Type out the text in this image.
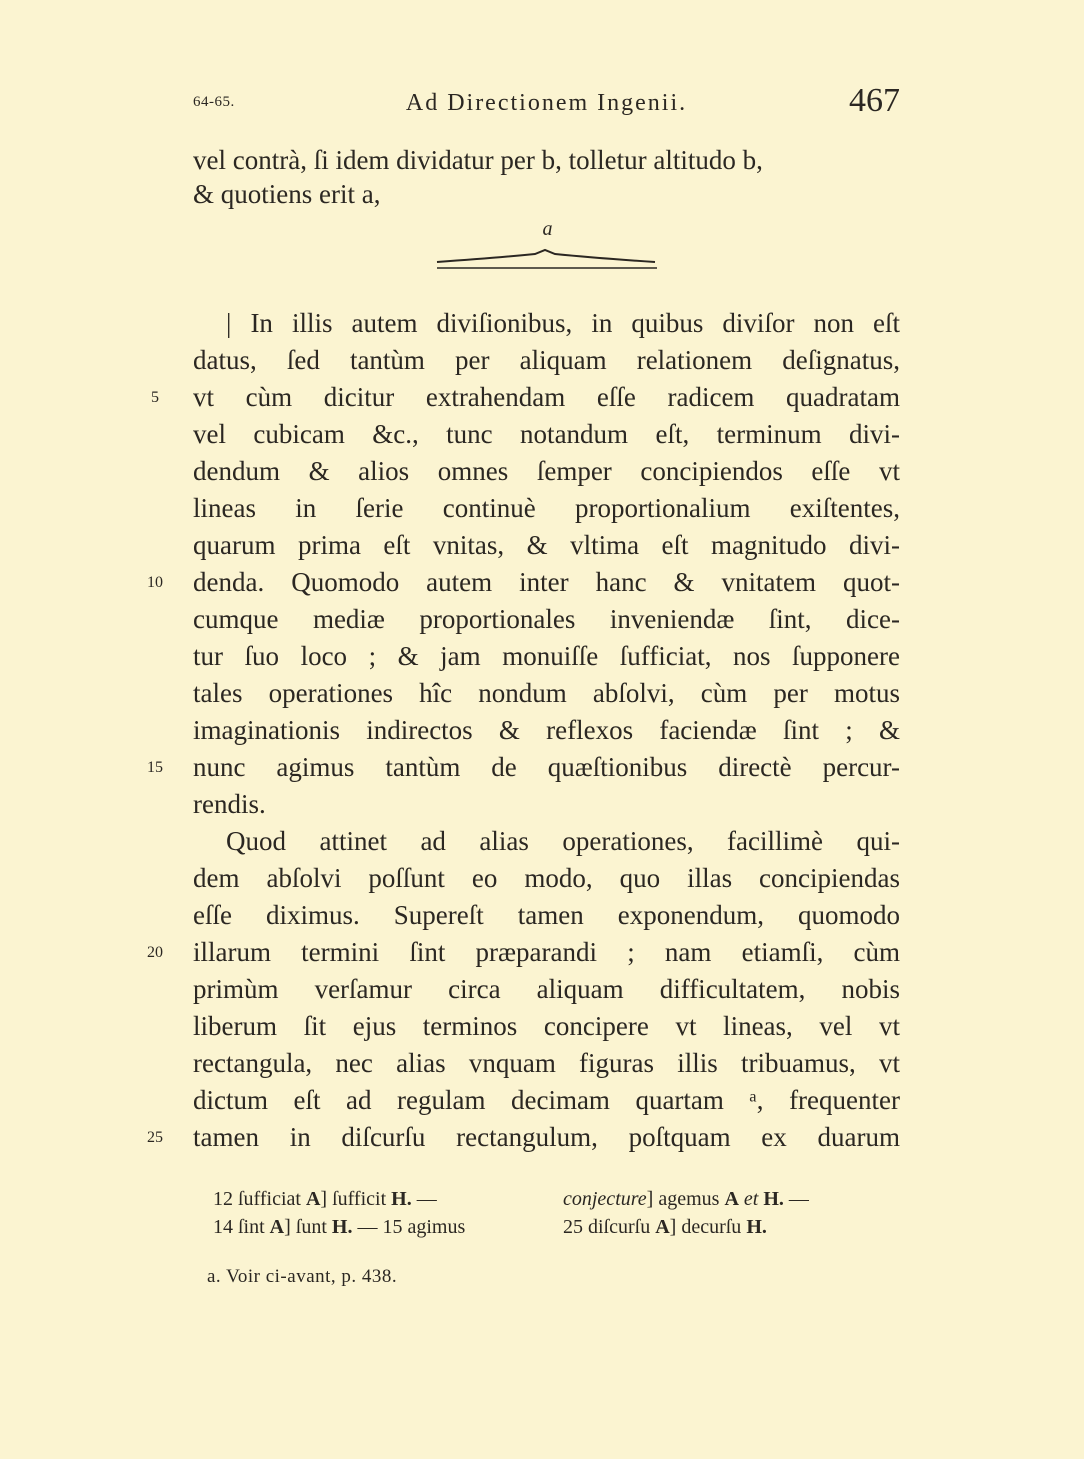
64-65.	Ad Directionem Ingenii.	467
vel contrà, ſi idem dividatur per b, tolletur altitudo b,
& quotiens erit a,
a
| In illis autem diviſionibus, in quibus diviſor non eſt
datus, ſed tantùm per aliquam relationem deſignatus,
5	vt cùm dicitur extrahendam eſſe radicem quadratam
vel cubicam &c., tunc notandum eſt, terminum divi-
dendum & alios omnes ſemper concipiendos eſſe vt
lineas in ſerie continuè proportionalium exiſtentes,
quarum prima eſt vnitas, & vltima eſt magnitudo divi-
10	denda. Quomodo autem inter hanc & vnitatem quot-
cumque mediæ proportionales inveniendæ ſint, dice-
tur ſuo loco ; & jam monuiſſe ſufficiat, nos ſupponere
tales operationes hîc nondum abſolvi, cùm per motus
imaginationis indirectos & reflexos faciendæ ſint ; &
15	nunc agimus tantùm de quæſtionibus directè percur-
rendis.
Quod attinet ad alias operationes, facillimè qui-
dem abſolvi poſſunt eo modo, quo illas concipiendas
eſſe diximus. Supereſt tamen exponendum, quomodo
20	illarum termini ſint præparandi ; nam etiamſi, cùm
primùm verſamur circa aliquam difficultatem, nobis
liberum ſit ejus terminos concipere vt lineas, vel vt
rectangula, nec alias vnquam figuras illis tribuamus, vt
dictum eſt ad regulam decimam quartam ᵃ, frequenter
25	tamen in diſcurſu rectangulum, poſtquam ex duarum
12 ſufficiat A] ſufficit H. —
14 ſint A] ſunt H. — 15 agimus
conjecture] agemus A et H. —
25 diſcurſu A] decurſu H.
a. Voir ci-avant, p. 438.
